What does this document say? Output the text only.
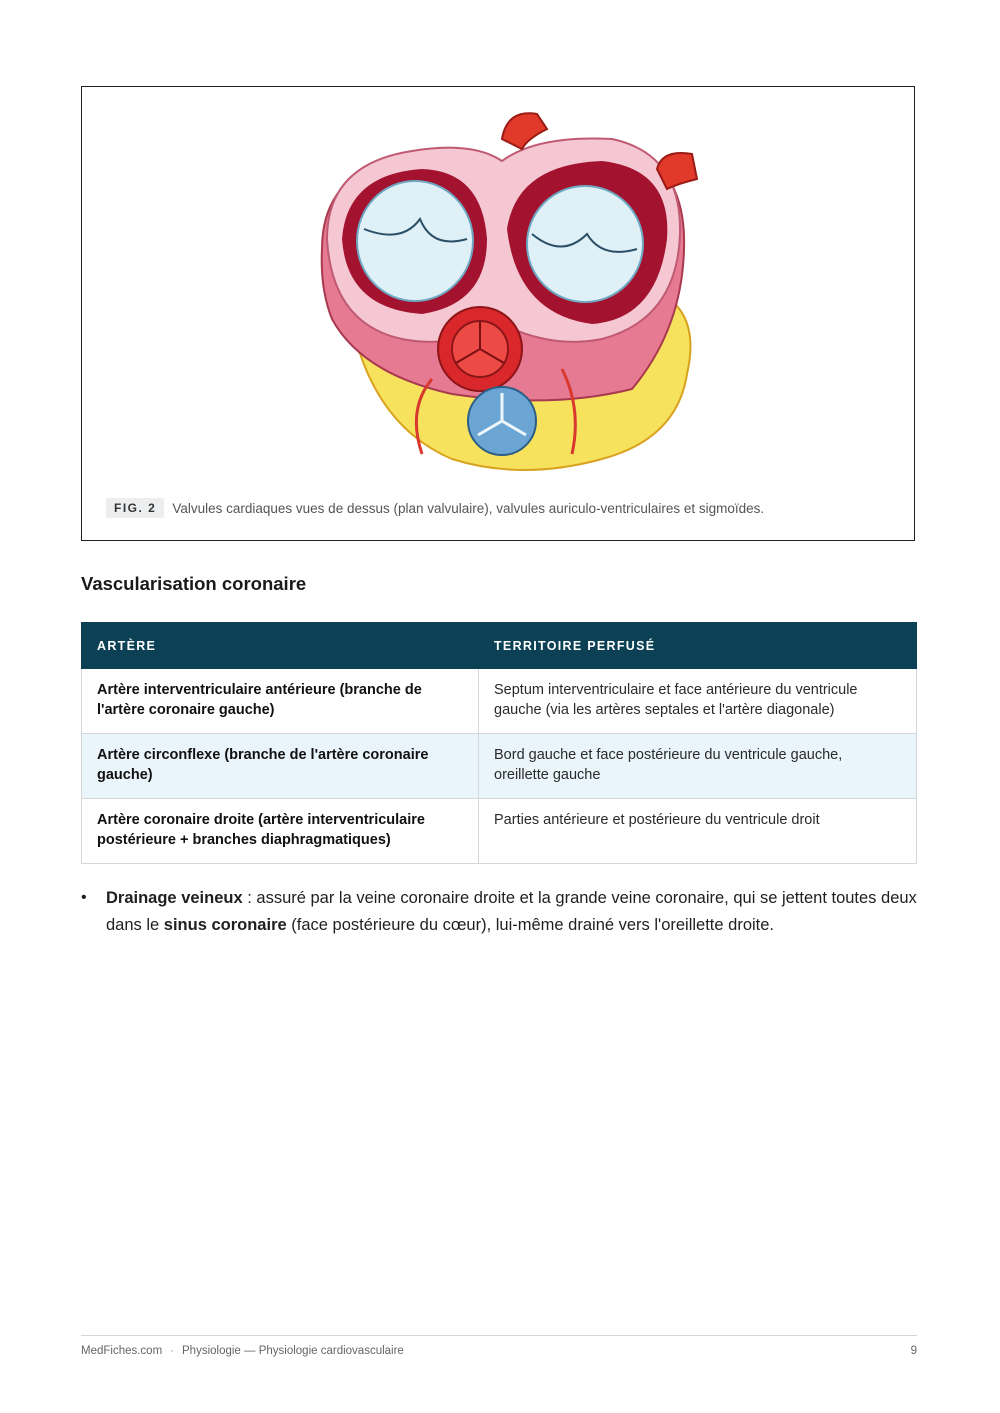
FIG. 2	Valvules cardiaques vues de dessus (plan valvulaire), valvules auriculo-ventriculaires et sigmoïdes.
Vascularisation coronaire
ARTÈRE	TERRITOIRE PERFUSÉ
Artère interventriculaire antérieure (branche de l'artère coronaire gauche)	Septum interventriculaire et face antérieure du ventricule gauche (via les artères septales et l'artère diagonale)
Artère circonflexe (branche de l'artère coronaire gauche)	Bord gauche et face postérieure du ventricule gauche, oreillette gauche
Artère coronaire droite (artère interventriculaire postérieure + branches diaphragmatiques)	Parties antérieure et postérieure du ventricule droit

•	Drainage veineux : assuré par la veine coronaire droite et la grande veine coronaire, qui se jettent toutes deux dans le sinus coronaire (face postérieure du cœur), lui-même drainé vers l'oreillette droite.

MedFiches.com · Physiologie — Physiologie cardiovasculaire	9
